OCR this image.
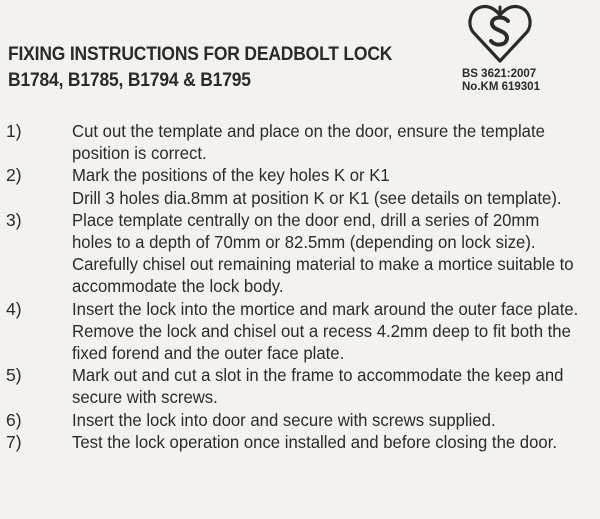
FIXING INSTRUCTIONS FOR DEADBOLT LOCK
B1784, B1785, B1794 & B1795	BS 3621:2007
No.KM 619301
1)	Cut out the template and place on the door, ensure the template
position is correct.
2)	Mark the positions of the key holes K or K1
Drill 3 holes dia.8mm at position K or K1 (see details on template).
3)	Place template centrally on the door end, drill a series of 20mm
holes to a depth of 70mm or 82.5mm (depending on lock size).
Carefully chisel out remaining material to make a mortice suitable to
accommodate the lock body.
4)	Insert the lock into the mortice and mark around the outer face plate.
Remove the lock and chisel out a recess 4.2mm deep to fit both the
fixed forend and the outer face plate.
5)	Mark out and cut a slot in the frame to accommodate the keep and
secure with screws.
6)	Insert the lock into door and secure with screws supplied.
7)	Test the lock operation once installed and before closing the door.
